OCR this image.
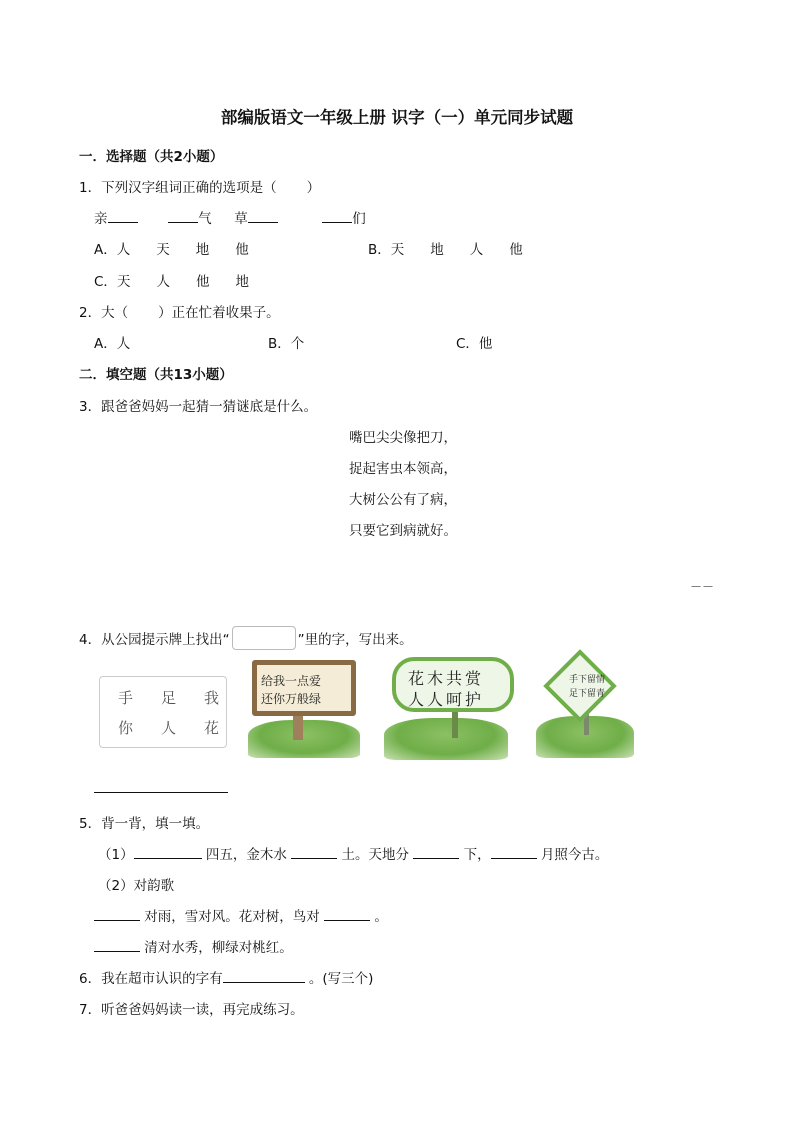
部编版语文一年级上册 识字（一）单元同步试题
一．选择题（共2小题）
1．下列汉字组词正确的选项是（ ）
亲	气 草	们
A．人 天 地 他	B．天 地 人 他
C．天 人 他 地
2．大（ ）正在忙着收果子。
A．人	B．个	C．他
二．填空题（共13小题）
3．跟爸爸妈妈一起猜一猜谜底是什么。
嘴巴尖尖像把刀，
捉起害虫本领高，
大树公公有了病，
只要它到病就好。
－－
4．从公园提示牌上找出“	”里的字，写出来。
手 足 我
你 人 花
给我一点爱
还你万般绿
花木共赏
人人呵护
手下留情
足下留青
5．背一背，填一填。
（1）	四五，金木水	土。天地分	下，	月照今古。
（2）对韵歌
对雨，雪对风。花对树，鸟对	。
清对水秀，柳绿对桃红。
6．我在超市认识的字有	。(写三个)
7．听爸爸妈妈读一读，再完成练习。
